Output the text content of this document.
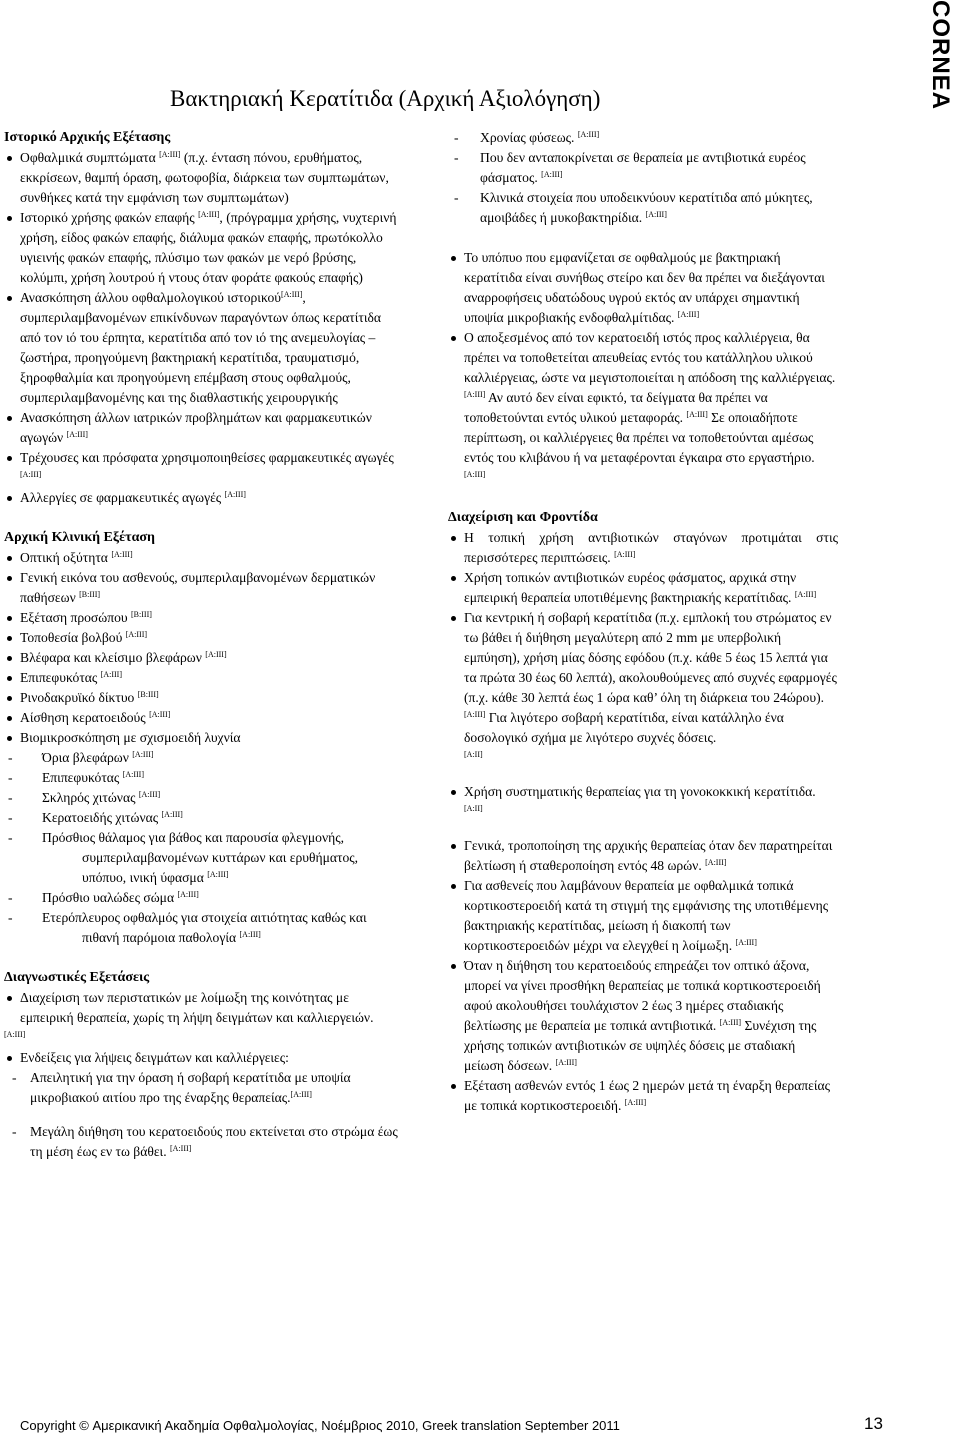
CORNEA
Βακτηριακή Κερατίτιδα (Αρχική Αξιολόγηση)
Ιστορικό Αρχικής Εξέτασης
Οφθαλμικά συμπτώματα [A:III] (π.χ. ένταση πόνου, ερυθήματος, εκκρίσεων, θαμπή όραση, φωτοφοβία, διάρκεια των συμπτωμάτων, συνθήκες κατά την εμφάνιση των συμπτωμάτων)
Ιστορικό χρήσης φακών επαφής [A:III], (πρόγραμμα χρήσης, νυχτερινή χρήση, είδος φακών επαφής, διάλυμα φακών επαφής, πρωτόκολλο υγιεινής φακών επαφής, πλύσιμο των φακών με νερό βρύσης, κολύμπι, χρήση λουτρού ή ντους όταν φοράτε φακούς επαφής)
Ανασκόπηση άλλου οφθαλμολογικού ιστορικού[A:III], συμπεριλαμβανομένων επικίνδυνων παραγόντων όπως κερατίτιδα από τον ιό του έρπητα, κερατίτιδα από τον ιό της ανεμευλογίας – ζωστήρα, προηγούμενη βακτηριακή κερατίτιδα, τραυματισμό, ξηροφθαλμία και προηγούμενη επέμβαση στους οφθαλμούς, συμπεριλαμβανομένης και της διαθλαστικής χειρουργικής
Ανασκόπηση άλλων ιατρικών προβλημάτων και φαρμακευτικών αγωγών [A:III]
Τρέχουσες και πρόσφατα χρησιμοποιηθείσες φαρμακευτικές αγωγές [A:III]
Αλλεργίες σε φαρμακευτικές αγωγές [A:III]
Αρχική Κλινική Εξέταση
Οπτική οξύτητα [A:III]
Γενική εικόνα του ασθενούς, συμπεριλαμβανομένων δερματικών παθήσεων [B:III]
Εξέταση προσώπου [B:III]
Τοποθεσία βολβού [A:III]
Βλέφαρα και κλείσιμο βλεφάρων [A:III]
Επιπεφυκότας [A:III]
Ρινοδακρυϊκό δίκτυο [B:III]
Αίσθηση κερατοειδούς [A:III]
Βιομικροσκόπηση με σχισμοειδή λυχνία
- Όρια βλεφάρων [A:III]
- Επιπεφυκότας [A:III]
- Σκληρός χιτώνας [A:III]
- Κερατοειδής χιτώνας [A:III]
- Πρόσθιος θάλαμος για βάθος και παρουσία φλεγμονής, συμπεριλαμβανομένων κυττάρων και ερυθήματος, υπόπυο, ινική ύφασμα [A:III]
- Πρόσθιο υαλώδες σώμα [A:III]
- Ετερόπλευρος οφθαλμός για στοιχεία αιτιότητας καθώς και πιθανή παρόμοια παθολογία [A:III]
Διαγνωστικές Εξετάσεις
Διαχείριση των περιστατικών με λοίμωξη της κοινότητας με εμπειρική θεραπεία, χωρίς τη λήψη δειγμάτων και καλλιεργειών.
[A:III]
Ενδείξεις για λήψεις δειγμάτων και καλλιέργειες:
- Απειλητική για την όραση ή σοβαρή κερατίτιδα με υποψία μικροβιακού αιτίου προ της έναρξης θεραπείας.[A:III]
- Μεγάλη διήθηση του κερατοειδούς που εκτείνεται στο στρώμα έως τη μέση έως εν τω βάθει. [A:III]
- Χρονίας φύσεως. [A:III]
- Που δεν ανταποκρίνεται σε θεραπεία με αντιβιοτικά ευρέος φάσματος. [A:III]
- Κλινικά στοιχεία που υποδεικνύουν κερατίτιδα από μύκητες, αμοιβάδες ή μυκοβακτηρίδια. [A:III]
Το υπόπυο που εμφανίζεται σε οφθαλμούς με βακτηριακή κερατίτιδα είναι συνήθως στείρο και δεν θα πρέπει να διεξάγονται αναρροφήσεις υδατώδους υγρού εκτός αν υπάρχει σημαντική υποψία μικροβιακής ενδοφθαλμίτιδας. [A:III]
Ο αποξεσμένος από τον κερατοειδή ιστός προς καλλιέργεια, θα πρέπει να τοποθετείται απευθείας εντός του κατάλληλου υλικού καλλιέργειας, ώστε να μεγιστοποιείται η απόδοση της καλλιέργειας. [A:III] Αν αυτό δεν είναι εφικτό, τα δείγματα θα πρέπει να τοποθετούνται εντός υλικού μεταφοράς. [A:III] Σε οποιαδήποτε περίπτωση, οι καλλιέργειες θα πρέπει να τοποθετούνται αμέσως εντός του κλιβάνου ή να μεταφέρονται έγκαιρα στο εργαστήριο. [A:III]
Διαχείριση και Φροντίδα
Η τοπική χρήση αντιβιοτικών σταγόνων προτιμάται στις περισσότερες περιπτώσεις. [A:III]
Χρήση τοπικών αντιβιοτικών ευρέος φάσματος, αρχικά στην εμπειρική θεραπεία υποτιθέμενης βακτηριακής κερατίτιδας. [A:III]
Για κεντρική ή σοβαρή κερατίτιδα (π.χ. εμπλοκή του στρώματος εν τω βάθει ή διήθηση μεγαλύτερη από 2 mm με υπερβολική εμπύηση), χρήση μίας δόσης εφόδου (π.χ. κάθε 5 έως 15 λεπτά για τα πρώτα 30 έως 60 λεπτά), ακολουθούμενες από συχνές εφαρμογές (π.χ. κάθε 30 λεπτά έως 1 ώρα καθ’ όλη τη διάρκεια του 24ώρου). [A:III] Για λιγότερο σοβαρή κερατίτιδα, είναι κατάλληλο ένα δοσολογικό σχήμα με λιγότερο συχνές δόσεις.
[A:II]
Χρήση συστηματικής θεραπείας για τη γονοκοκκική κερατίτιδα.
[A:II]
Γενικά, τροποποίηση της αρχικής θεραπείας όταν δεν παρατηρείται βελτίωση ή σταθεροποίηση εντός 48 ωρών. [A:III]
Για ασθενείς που λαμβάνουν θεραπεία με οφθαλμικά τοπικά κορτικοστεροειδή κατά τη στιγμή της εμφάνισης της υποτιθέμενης βακτηριακής κερατίτιδας, μείωση ή διακοπή των κορτικοστεροειδών μέχρι να ελεγχθεί η λοίμωξη. [A:III]
Όταν η διήθηση του κερατοειδούς επηρεάζει τον οπτικό άξονα, μπορεί να γίνει προσθήκη θεραπείας με τοπικά κορτικοστεροειδή αφού ακολουθήσει τουλάχιστον 2 έως 3 ημέρες σταδιακής βελτίωσης με θεραπεία με τοπικά αντιβιοτικά. [A:III] Συνέχιση της χρήσης τοπικών αντιβιοτικών σε υψηλές δόσεις με σταδιακή μείωση δόσεων. [A:III]
Εξέταση ασθενών εντός 1 έως 2 ημερών μετά τη έναρξη θεραπείας με τοπικά κορτικοστεροειδή. [A:III]
Copyright © Αμερικανική Ακαδημία Οφθαλμολογίας, Νοέμβριος 2010, Greek translation September 2011	13
